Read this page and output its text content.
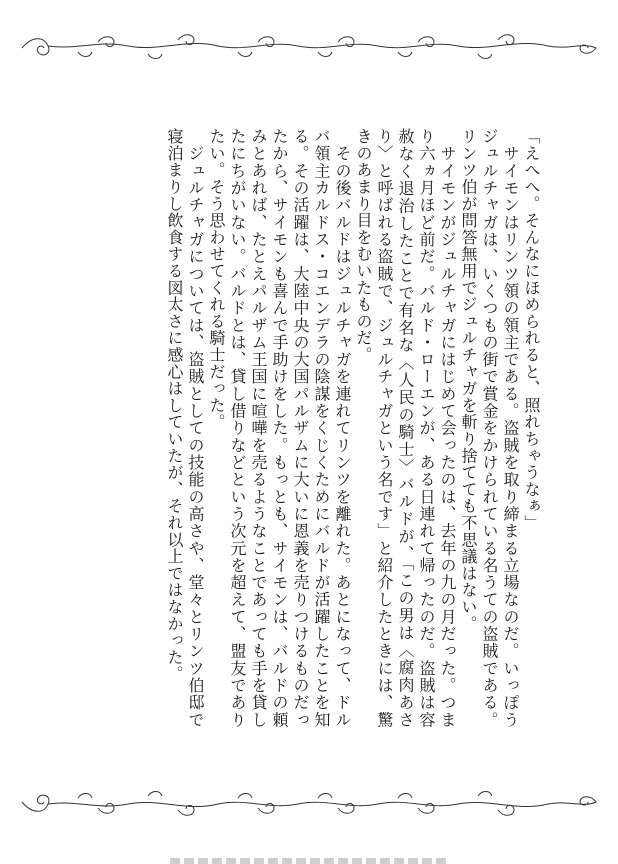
「えへへ。そんなにほめられると、照れちゃうなぁ」

　サイモンはリンツ領の領主である。盗賊を取り締まる立場なのだ。いっぽうジュルチャガは、いくつもの街で賞金をかけられている名うての盗賊である。リンツ伯が問答無用でジュルチャガを斬り捨てても不思議はない。

　サイモンがジュルチャガにはじめて会ったのは、去年の九の月だった。つまり六ヵ月ほど前だ。バルド・ローエンが、ある日連れて帰ったのだ。盗賊は容赦なく退治したことで有名な〈人民の騎士〉バルドが、「この男は〈腐肉あさり〉と呼ばれる盗賊で、ジュルチャガという名です」と紹介したときには、驚きのあまり目をむいたものだ。

　その後バルドはジュルチャガを連れてリンツを離れた。あとになって、ドルバ領主カルドス・コエンデラの陰謀をくじくためにバルドが活躍したことを知る。その活躍は、大陸中央の大国パルザムに大いに恩義を売りつけるものだったから、サイモンも喜んで手助けをした。もっとも、サイモンは、バルドの頼みとあれば、たとえパルザム王国に喧嘩を売るようなことであっても手を貸したにちがいない。バルドとは、貸し借りなどという次元を超えて、盟友でありたい。そう思わせてくれる騎士だった。

　ジュルチャガについては、盗賊としての技能の高さや、堂々とリンツ伯邸で寝泊まりし飲食する図太さに感心はしていたが、それ以上ではなかった。
